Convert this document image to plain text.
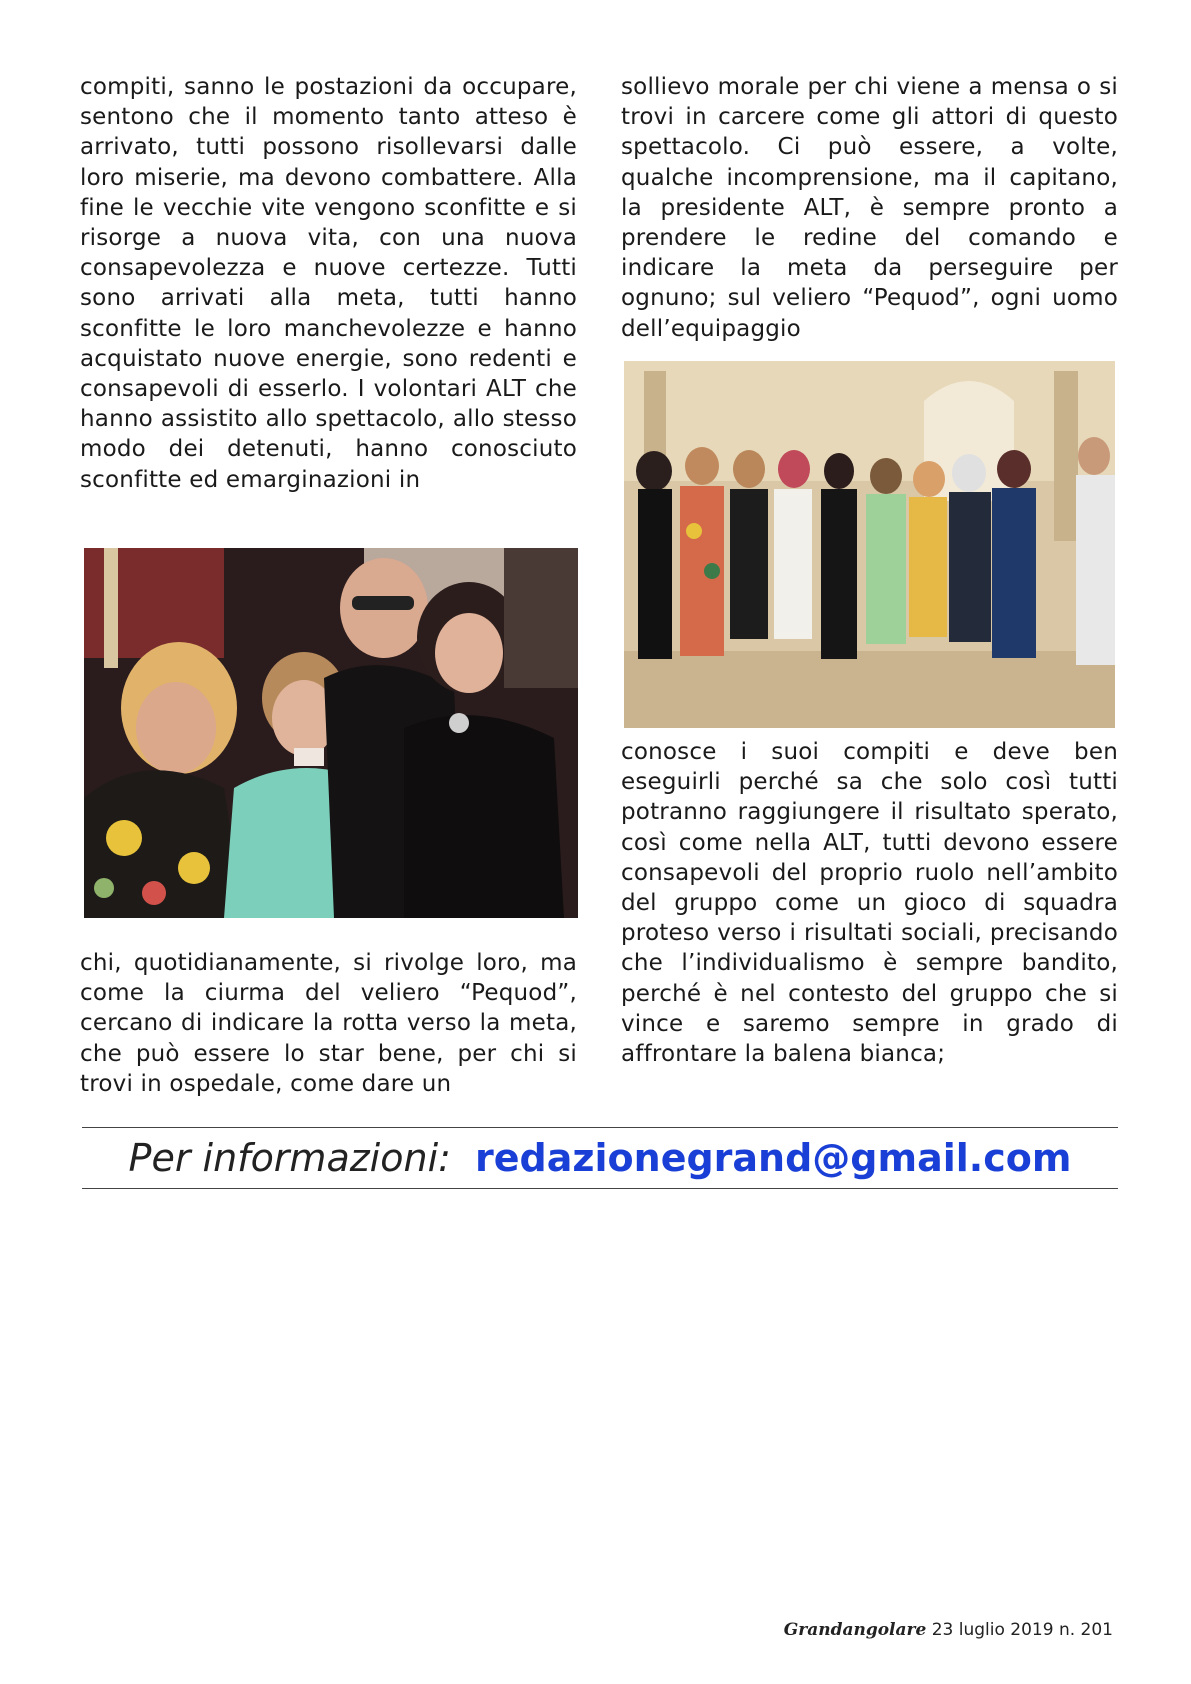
compiti, sanno le postazioni da occupare, sentono che il momento tanto atteso è arrivato, tutti possono risollevarsi dalle loro miserie, ma devono combattere. Alla fine le vecchie vite vengono sconfitte e si risorge a nuova vita, con una nuova consapevolezza e nuove certezze. Tutti sono arrivati alla meta, tutti hanno sconfitte le loro manchevolezze e hanno acquistato nuove energie, sono redenti e consapevoli di esserlo. I volontari ALT che hanno assistito allo spettacolo, allo stesso modo dei detenuti, hanno conosciuto sconfitte ed emarginazioni in

chi, quotidianamente, si rivolge loro, ma come la ciurma del veliero “Pequod”, cercano di indicare la rotta verso la meta, che può essere lo star bene, per chi si trovi in ospedale, come dare un

sollievo morale per chi viene a mensa o si trovi in carcere come gli attori di questo spettacolo. Ci può essere, a volte, qualche incomprensione, ma il capitano, la presidente ALT, è sempre pronto a prendere le redine del comando e indicare la meta da perseguire per ognuno; sul veliero “Pequod”, ogni uomo dell’equipaggio

conosce i suoi compiti e deve ben eseguirli perché sa che solo così tutti potranno raggiungere il risultato sperato, così come nella ALT, tutti devono essere consapevoli del proprio ruolo nell’ambito del gruppo come un gioco di squadra proteso verso i risultati sociali, precisando che l’individualismo è sempre bandito, perché è nel contesto del gruppo che si vince e saremo sempre in grado di affrontare la balena bianca;

Per informazioni: redazionegrand@gmail.com
Grandangolare 23 luglio 2019 n. 201
